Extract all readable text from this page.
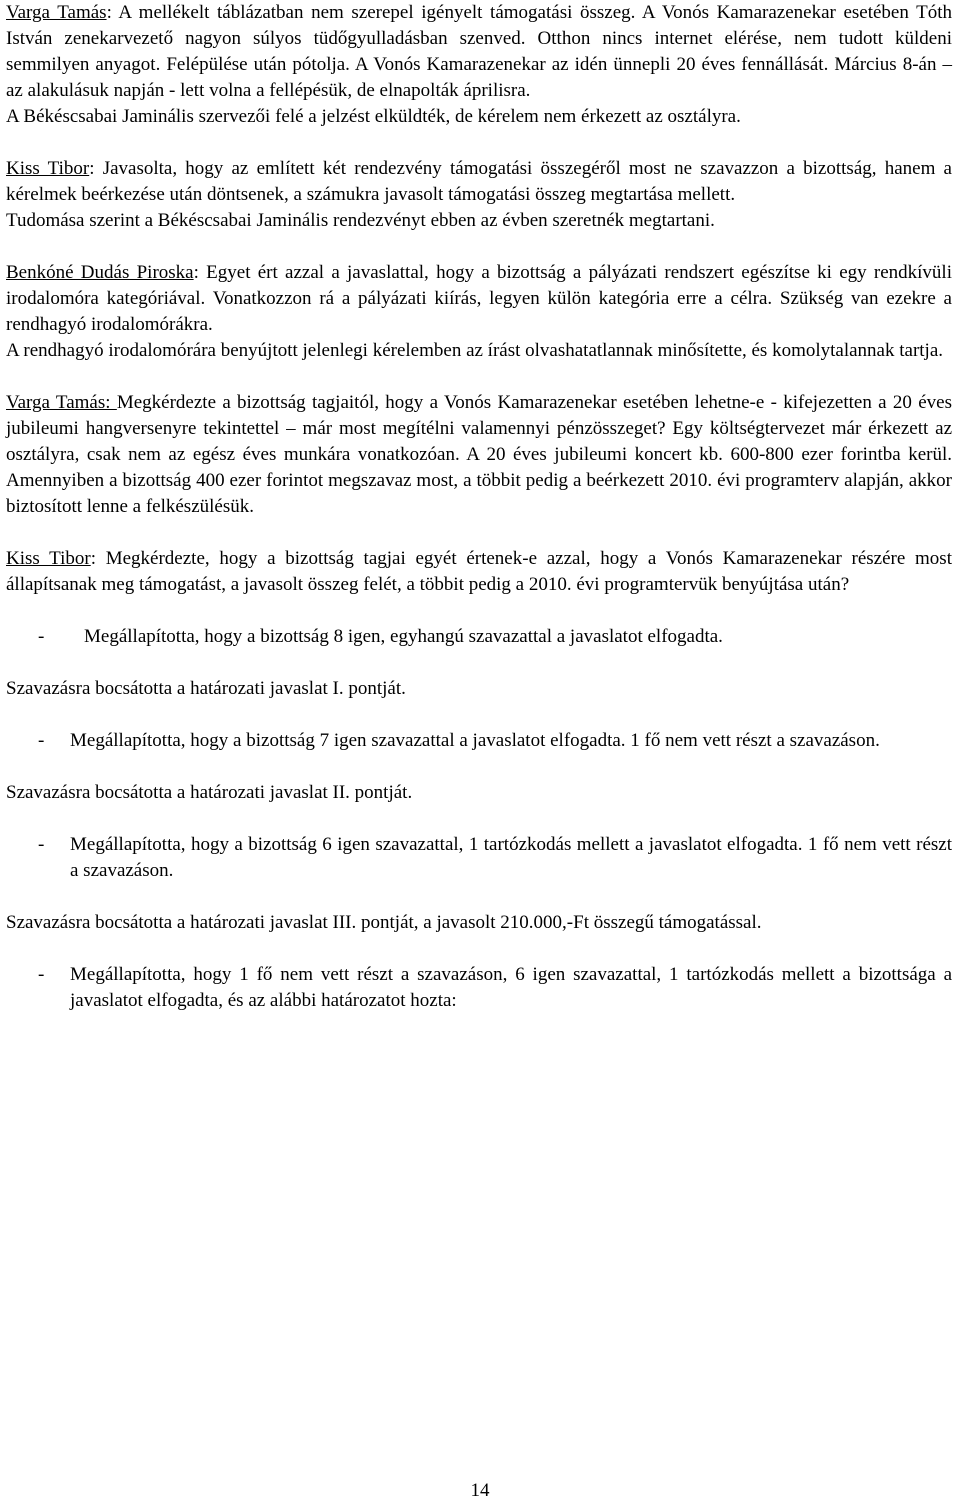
Varga Tamás: A mellékelt táblázatban nem szerepel igényelt támogatási összeg. A Vonós Kamarazenekar esetében Tóth István zenekarvezető nagyon súlyos tüdőgyulladásban szenved. Otthon nincs internet elérése, nem tudott küldeni semmilyen anyagot. Felépülése után pótolja. A Vonós Kamarazenekar az idén ünnepli 20 éves fennállását. Március 8-án – az alakulásuk napján - lett volna a fellépésük, de elnapolták áprilisra.

A Békéscsabai Jaminális szervezői felé a jelzést elküldték, de kérelem nem érkezett az osztályra.

Kiss Tibor: Javasolta, hogy az említett két rendezvény támogatási összegéről most ne szavazzon a bizottság, hanem a kérelmek beérkezése után döntsenek, a számukra javasolt támogatási összeg megtartása mellett.

Tudomása szerint a Békéscsabai Jaminális rendezvényt ebben az évben szeretnék megtartani.

Benkóné Dudás Piroska: Egyet ért azzal a javaslattal, hogy a bizottság a pályázati rendszert egészítse ki egy rendkívüli irodalomóra kategóriával. Vonatkozzon rá a pályázati kiírás, legyen külön kategória erre a célra. Szükség van ezekre a rendhagyó irodalomórákra.

A rendhagyó irodalomórára benyújtott jelenlegi kérelemben az írást olvashatatlannak minősítette, és komolytalannak tartja.

Varga Tamás: Megkérdezte a bizottság tagjaitól, hogy a Vonós Kamarazenekar esetében lehetne-e - kifejezetten a 20 éves jubileumi hangversenyre tekintettel – már most megítélni valamennyi pénzösszeget? Egy költségtervezet már érkezett az osztályra, csak nem az egész éves munkára vonatkozóan. A 20 éves jubileumi koncert kb. 600-800 ezer forintba kerül. Amennyiben a bizottság 400 ezer forintot megszavaz most, a többit pedig a beérkezett 2010. évi programterv alapján, akkor biztosított lenne a felkészülésük.

Kiss Tibor: Megkérdezte, hogy a bizottság tagjai egyét értenek-e azzal, hogy a Vonós Kamarazenekar részére most állapítsanak meg támogatást, a javasolt összeg felét, a többit pedig a 2010. évi programtervük benyújtása után?

-	Megállapította, hogy a bizottság 8 igen, egyhangú szavazattal a javaslatot elfogadta.

Szavazásra bocsátotta a határozati javaslat I. pontját.

-	Megállapította, hogy a bizottság 7 igen szavazattal a javaslatot elfogadta. 1 fő nem vett részt a szavazáson.

Szavazásra bocsátotta a határozati javaslat II. pontját.

-	Megállapította, hogy a bizottság 6 igen szavazattal, 1 tartózkodás mellett a javaslatot elfogadta. 1 fő nem vett részt a szavazáson.

Szavazásra bocsátotta a határozati javaslat III. pontját, a javasolt 210.000,-Ft összegű támogatással.

-	Megállapította, hogy 1 fő nem vett részt a szavazáson, 6 igen szavazattal, 1 tartózkodás mellett a bizottsága a javaslatot elfogadta, és az alábbi határozatot hozta:
14
